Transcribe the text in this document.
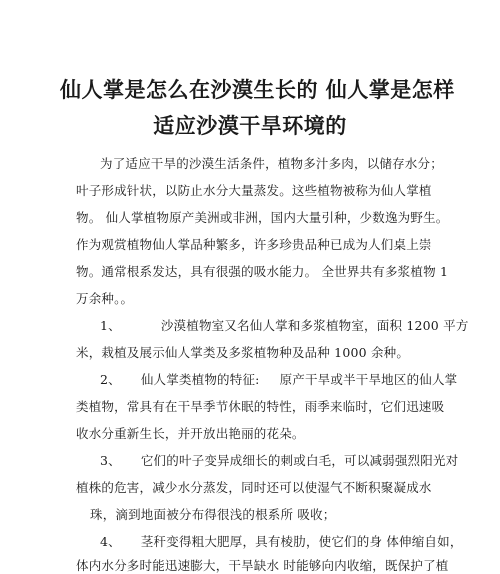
仙人掌是怎么在沙漠生长的 仙人掌是怎样
适应沙漠干旱环境的
为了适应干旱的沙漠生活条件，植物多汁多肉，以储存水分；
叶子形成针状，以防止水分大量蒸发。这些植物被称为仙人掌植
物。 仙人掌植物原产美洲或非洲，国内大量引种，少数逸为野生。
作为观赏植物仙人掌品种繁多，许多珍贵品种已成为人们桌上崇
物。通常根系发达，具有很强的吸水能力。 全世界共有多浆植物 1
万余种。。
1、	沙漠植物室又名仙人掌和多浆植物室，面积 1200 平方
米，栽植及展示仙人掌类及多浆植物种及品种 1000 余种。
2、 仙人掌类植物的特征: 原产干旱或半干旱地区的仙人掌
类植物，常具有在干旱季节休眠的特性，雨季来临时，它们迅速吸
收水分重新生长，并开放出艳丽的花朵。
3、 它们的叶子变异成细长的刺或白毛，可以减弱强烈阳光对
植株的危害，减少水分蒸发，同时还可以使湿气不断积聚凝成水
珠，滴到地面被分布得很浅的根系所 吸收；
4、 茎秆变得粗大肥厚，具有棱肋，使它们的身 体伸缩自如，
体内水分多时能迅速膨大，干旱缺水 时能够向内收缩，既保护了植
